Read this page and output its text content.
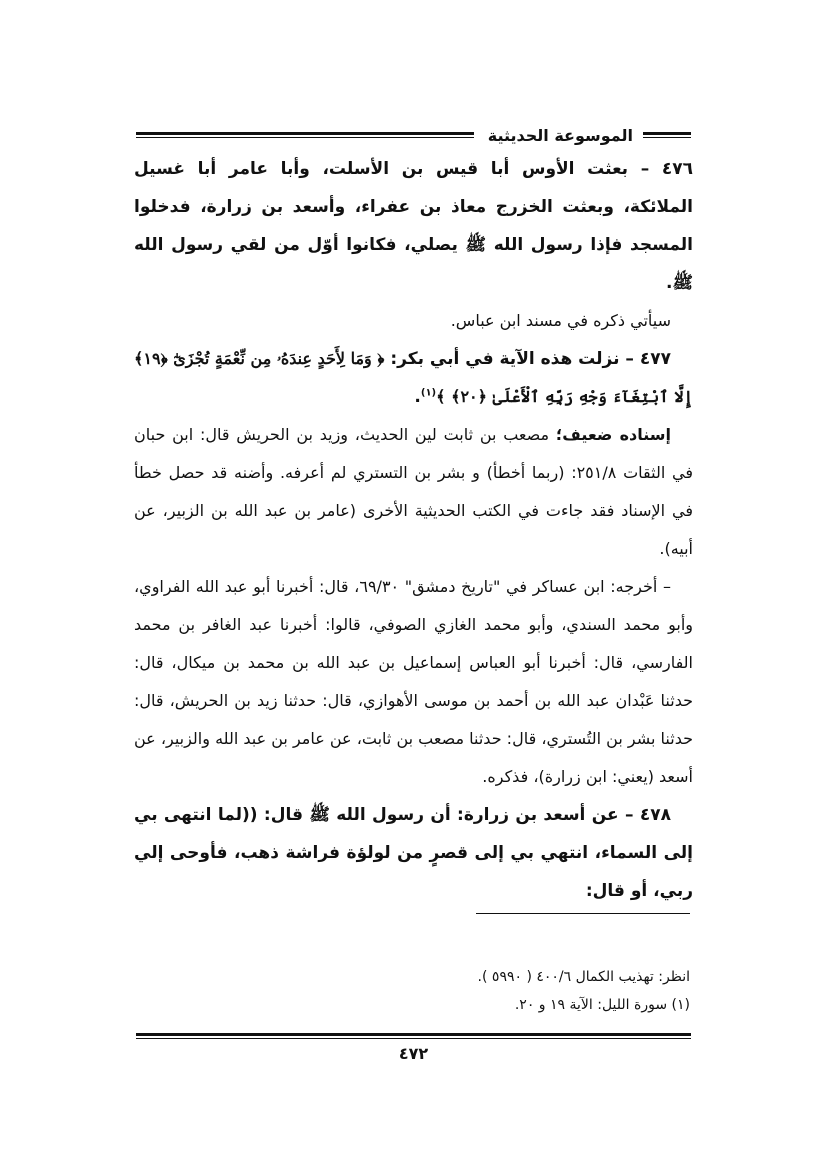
الموسوعة الحديثية

٤٧٦ – بعثت الأوس أبا قيس بن الأسلت، وأبا عامر أبا غسيل الملائكة، وبعثت الخزرج معاذ بن عفراء، وأسعد بن زرارة، فدخلوا المسجد فإذا رسول الله ﷺ يصلي، فكانوا أوّل من لقي رسول الله ﷺ.

سيأتي ذكره في مسند ابن عباس.

٤٧٧ – نزلت هذه الآية في أبي بكر: ﴿ وَمَا لِأَحَدٍ عِندَهُۥ مِن نِّعْمَةٍ تُجْزَىٰٓ ﴿١٩﴾ إِلَّا ٱبْتِغَآءَ وَجْهِ رَبِّهِ ٱلْأَعْلَىٰ ﴿٢٠﴾ ﴾$^{(١)}$.

إسناده ضعيف؛ مصعب بن ثابت لين الحديث، وزيد بن الحريش قال: ابن حبان في الثقات ٢٥١/٨: (ربما أخطأ) و بشر بن التستري لم أعرفه. وأضنه قد حصل خطأ في الإسناد فقد جاءت في الكتب الحديثية الأخرى (عامر بن عبد الله بن الزبير، عن أبيه).

– أخرجه: ابن عساكر في "تاريخ دمشق" ٦٩/٣٠، قال: أخبرنا أبو عبد الله الفراوي، وأبو محمد السندي، وأبو محمد الغازي الصوفي، قالوا: أخبرنا عبد الغافر بن محمد الفارسي، قال: أخبرنا أبو العباس إسماعيل بن عبد الله بن محمد بن ميكال، قال: حدثنا عَبْدان عبد الله بن أحمد بن موسى الأهوازي، قال: حدثنا زيد بن الحريش، قال: حدثنا بشر بن التُستري، قال: حدثنا مصعب بن ثابت، عن عامر بن عبد الله والزبير، عن أسعد (يعني: ابن زرارة)، فذكره.

٤٧٨ – عن أسعد بن زرارة: أن رسول الله ﷺ قال: ((لما انتهى بي إلى السماء، انتهي بي إلى قصرٍ من لولؤة فراشة ذهب، فأوحى إلي ربي، أو قال:

انظر: تهذيب الكمال ٤٠٠/٦ ( ٥٩٩٠ ).

(١) سورة الليل: الآية ١٩ و ٢٠.

٤٧٢
